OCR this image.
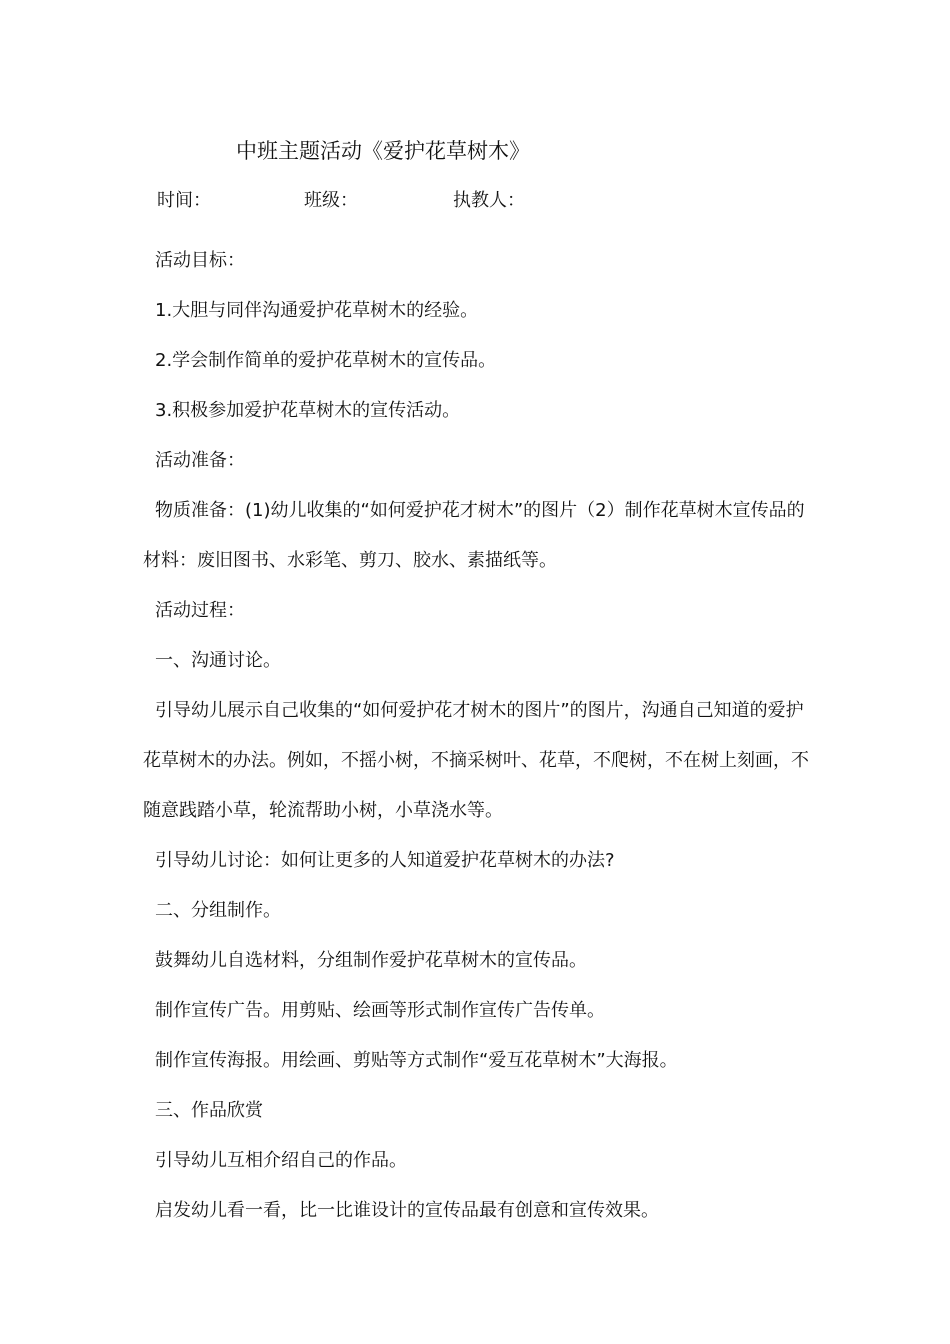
中班主题活动《爱护花草树木》
时间：	班级：	执教人：

活动目标：

1.大胆与同伴沟通爱护花草树木的经验。

2.学会制作简单的爱护花草树木的宣传品。

3.积极参加爱护花草树木的宣传活动。

活动准备：

物质准备：(1)幼儿收集的“如何爱护花才树木”的图片（2）制作花草树木宣传品的材料：废旧图书、水彩笔、剪刀、胶水、素描纸等。

活动过程：

一、沟通讨论。

引导幼儿展示自己收集的“如何爱护花才树木的图片”的图片，沟通自己知道的爱护花草树木的办法。例如，不摇小树，不摘采树叶、花草，不爬树，不在树上刻画，不随意践踏小草，轮流帮助小树，小草浇水等。

引导幼儿讨论：如何让更多的人知道爱护花草树木的办法?

二、分组制作。

鼓舞幼儿自选材料，分组制作爱护花草树木的宣传品。

制作宣传广告。用剪贴、绘画等形式制作宣传广告传单。

制作宣传海报。用绘画、剪贴等方式制作“爱互花草树木”大海报。

三、作品欣赏

引导幼儿互相介绍自己的作品。

启发幼儿看一看，比一比谁设计的宣传品最有创意和宣传效果。
